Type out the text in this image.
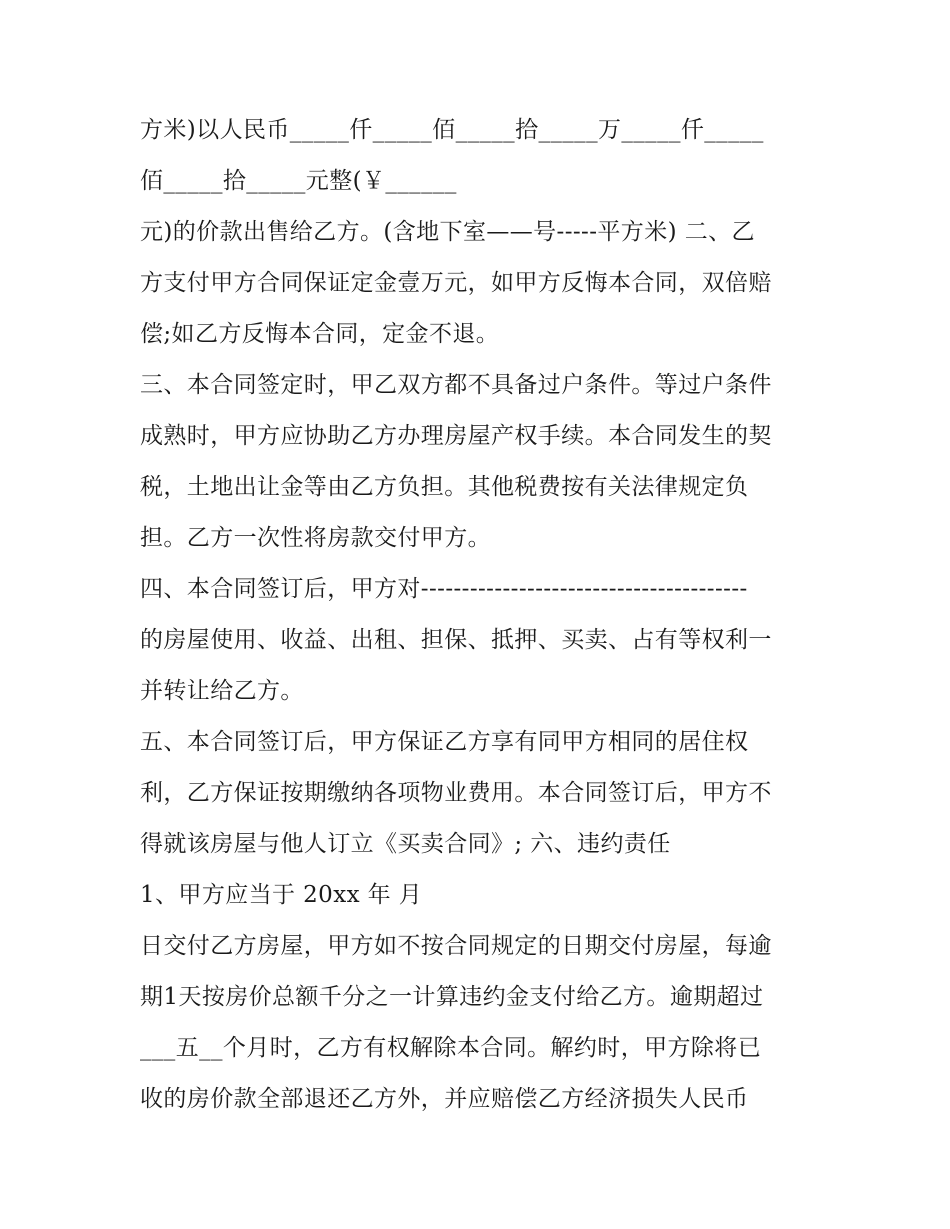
方米)以人民币_____仟_____佰_____拾_____万_____仟_____

佰_____拾_____元整(￥______

元)的价款出售给乙方。(含地下室——号-----平方米) 二、乙

方支付甲方合同保证定金壹万元，如甲方反悔本合同，双倍赔

偿;如乙方反悔本合同，定金不退。

三、本合同签定时，甲乙双方都不具备过户条件。等过户条件

成熟时，甲方应协助乙方办理房屋产权手续。本合同发生的契

税，土地出让金等由乙方负担。其他税费按有关法律规定负

担。乙方一次性将房款交付甲方。

四、本合同签订后，甲方对----------------------------------------

的房屋使用、收益、出租、担保、抵押、买卖、占有等权利一

并转让给乙方。

五、本合同签订后，甲方保证乙方享有同甲方相同的居住权

利，乙方保证按期缴纳各项物业费用。本合同签订后，甲方不

得就该房屋与他人订立《买卖合同》; 六、违约责任

1、甲方应当于 20xx 年 月

日交付乙方房屋，甲方如不按合同规定的日期交付房屋，每逾

期1天按房价总额千分之一计算违约金支付给乙方。逾期超过

___五__个月时，乙方有权解除本合同。解约时，甲方除将已

收的房价款全部退还乙方外，并应赔偿乙方经济损失人民币
